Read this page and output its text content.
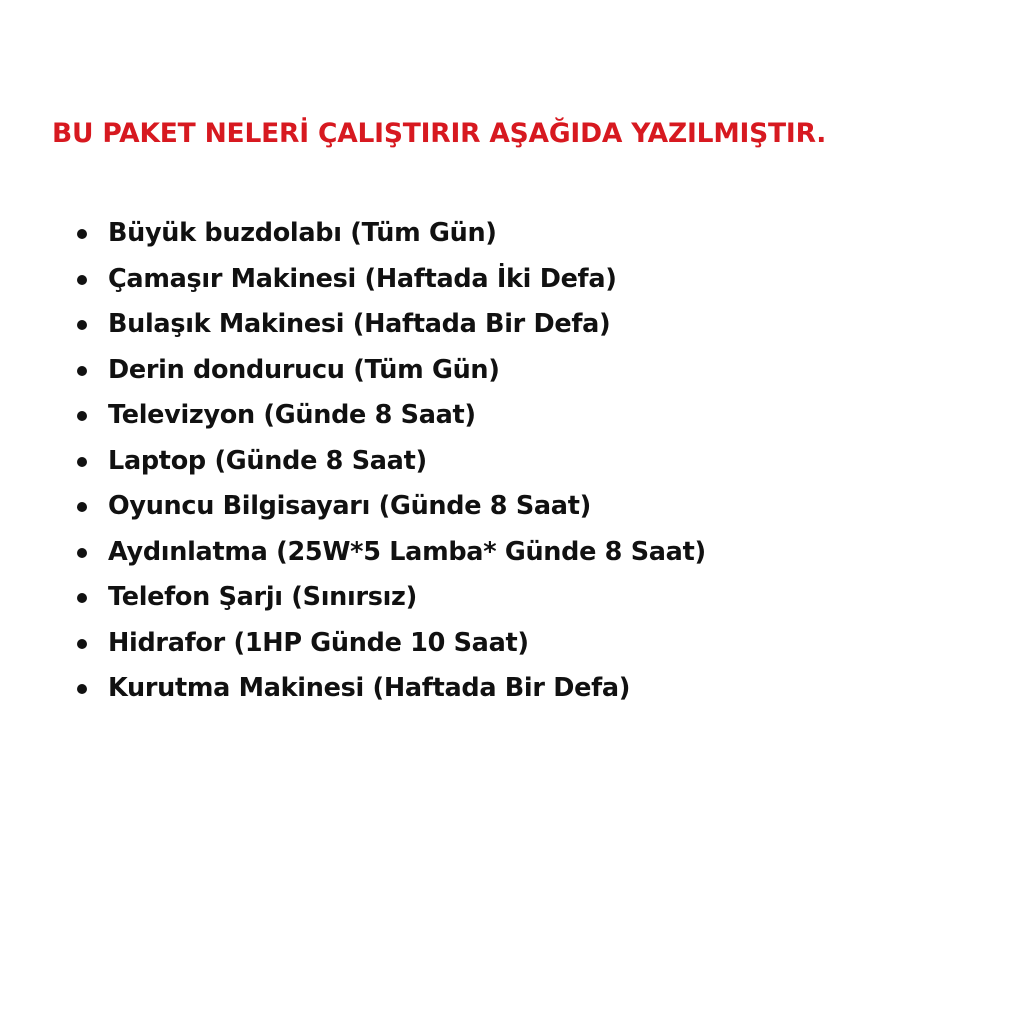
BU PAKET NELERİ ÇALIŞTIRIR AŞAĞIDA YAZILMIŞTIR.
Büyük buzdolabı (Tüm Gün)
Çamaşır Makinesi (Haftada İki Defa)
Bulaşık Makinesi (Haftada Bir Defa)
Derin dondurucu (Tüm Gün)
Televizyon (Günde 8 Saat)
Laptop (Günde 8 Saat)
Oyuncu Bilgisayarı (Günde 8 Saat)
Aydınlatma (25W*5 Lamba* Günde 8 Saat)
Telefon Şarjı (Sınırsız)
Hidrafor (1HP Günde 10 Saat)
Kurutma Makinesi (Haftada Bir Defa)
